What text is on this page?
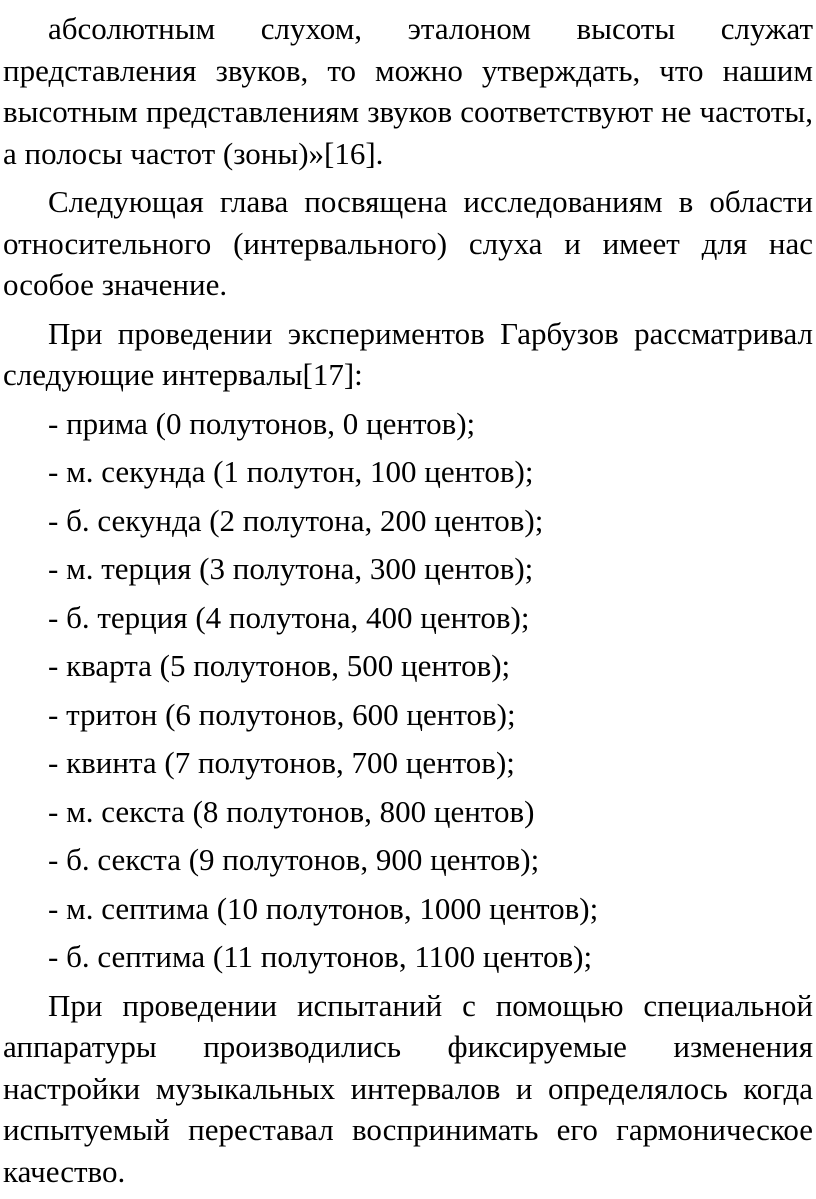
абсолютным слухом, эталоном высоты служат представления звуков, то можно утверждать, что нашим высотным представлениям звуков соответствуют не частоты, а полосы частот (зоны)»[16].

Следующая глава посвящена исследованиям в области относительного (интервального) слуха и имеет для нас особое значение.

При проведении экспериментов Гарбузов рассматривал следующие интервалы[17]:

- прима (0 полутонов, 0 центов);
- м. секунда (1 полутон, 100 центов);
- б. секунда (2 полутона, 200 центов);
- м. терция (3 полутона, 300 центов);
- б. терция (4 полутона, 400 центов);
- кварта (5 полутонов, 500 центов);
- тритон (6 полутонов, 600 центов);
- квинта (7 полутонов, 700 центов);
- м. секста (8 полутонов, 800 центов)
- б. секста (9 полутонов, 900 центов);
- м. септима (10 полутонов, 1000 центов);
- б. септима (11 полутонов, 1100 центов);

При проведении испытаний с помощью специальной аппаратуры производились фиксируемые изменения настройки музыкальных интервалов и определялось когда испытуемый переставал воспринимать его гармоническое качество.
